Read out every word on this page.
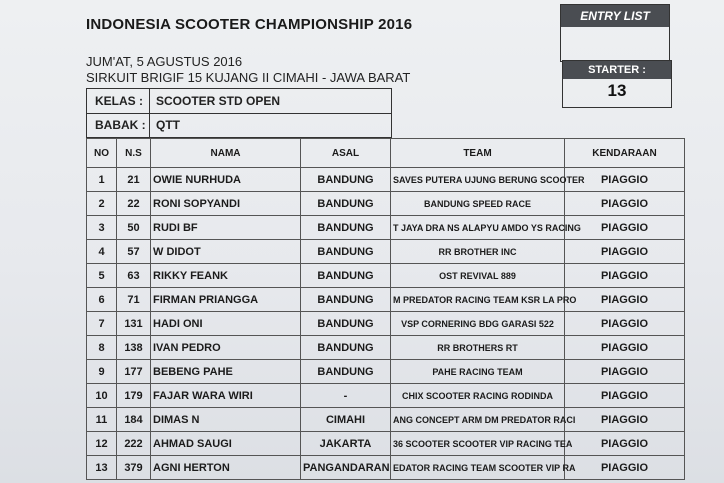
INDONESIA SCOOTER CHAMPIONSHIP 2016
JUM'AT, 5 AGUSTUS 2016
SIRKUIT BRIGIF 15 KUJANG II CIMAHI - JAWA BARAT
ENTRY LIST
STARTER :
13
KELAS :	SCOOTER STD OPEN
BABAK : QTT
NO	N.S	NAMA	ASAL	TEAM	KENDARAAN
1	21	OWIE NURHUDA	BANDUNG	SAVES PUTERA UJUNG BERUNG SCOOTER	PIAGGIO
2	22	RONI SOPYANDI	BANDUNG	BANDUNG SPEED RACE	PIAGGIO
3	50	RUDI BF	BANDUNG	T JAYA DRA NS ALAPYU AMDO YS RACING	PIAGGIO
4	57	W DIDOT	BANDUNG	RR BROTHER INC	PIAGGIO
5	63	RIKKY FEANK	BANDUNG	OST REVIVAL 889	PIAGGIO
6	71	FIRMAN PRIANGGA	BANDUNG	M PREDATOR RACING TEAM KSR LA PRO	PIAGGIO
7	131	HADI ONI	BANDUNG	VSP CORNERING BDG GARASI 522	PIAGGIO
8	138	IVAN PEDRO	BANDUNG	RR BROTHERS RT	PIAGGIO
9	177	BEBENG PAHE	BANDUNG	PAHE RACING TEAM	PIAGGIO
10	179	FAJAR WARA WIRI	-	CHIX SCOOTER RACING RODINDA	PIAGGIO
11	184	DIMAS N	CIMAHI	ANG CONCEPT ARM DM PREDATOR RACI	PIAGGIO
12	222	AHMAD SAUGI	JAKARTA	36 SCOOTER SCOOTER VIP RACING TEA	PIAGGIO
13	379	AGNI HERTON	PANGANDARAN	EDATOR RACING TEAM SCOOTER VIP RA	PIAGGIO
